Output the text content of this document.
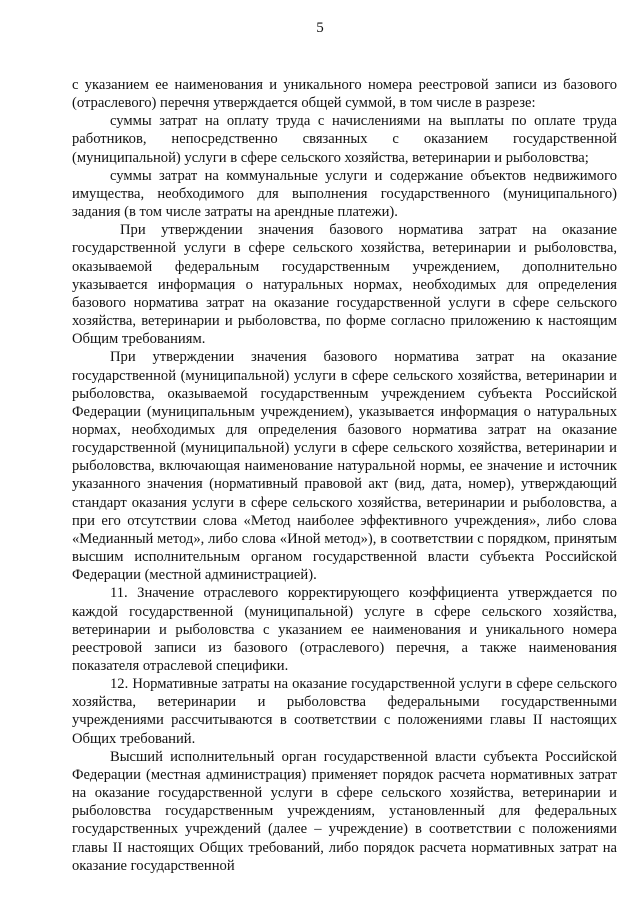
5

с указанием ее наименования и уникального номера реестровой записи из базового (отраслевого) перечня утверждается общей суммой, в том числе в разрезе:

суммы затрат на оплату труда с начислениями на выплаты по оплате труда работников, непосредственно связанных с оказанием государственной (муниципальной) услуги в сфере сельского хозяйства, ветеринарии и рыболовства;

суммы затрат на коммунальные услуги и содержание объектов недвижимого имущества, необходимого для выполнения государственного (муниципального) задания (в том числе затраты на арендные платежи).

При утверждении значения базового норматива затрат на оказание государственной услуги в сфере сельского хозяйства, ветеринарии и рыболовства, оказываемой федеральным государственным учреждением, дополнительно указывается информация о натуральных нормах, необходимых для определения базового норматива затрат на оказание государственной услуги в сфере сельского хозяйства, ветеринарии и рыболовства, по форме согласно приложению к настоящим Общим требованиям.

При утверждении значения базового норматива затрат на оказание государственной (муниципальной) услуги в сфере сельского хозяйства, ветеринарии и рыболовства, оказываемой государственным учреждением субъекта Российской Федерации (муниципальным учреждением), указывается информация о натуральных нормах, необходимых для определения базового норматива затрат на оказание государственной (муниципальной) услуги в сфере сельского хозяйства, ветеринарии и рыболовства, включающая наименование натуральной нормы, ее значение и источник указанного значения (нормативный правовой акт (вид, дата, номер), утверждающий стандарт оказания услуги в сфере сельского хозяйства, ветеринарии и рыболовства, а при его отсутствии слова «Метод наиболее эффективного учреждения», либо слова «Медианный метод», либо слова «Иной метод»), в соответствии с порядком, принятым высшим исполнительным органом государственной власти субъекта Российской Федерации (местной администрацией).

11. Значение отраслевого корректирующего коэффициента утверждается по каждой государственной (муниципальной) услуге в сфере сельского хозяйства, ветеринарии и рыболовства с указанием ее наименования и уникального номера реестровой записи из базового (отраслевого) перечня, а также наименования показателя отраслевой специфики.

12. Нормативные затраты на оказание государственной услуги в сфере сельского хозяйства, ветеринарии и рыболовства федеральными государственными учреждениями рассчитываются в соответствии с положениями главы II настоящих Общих требований.

Высший исполнительный орган государственной власти субъекта Российской Федерации (местная администрация) применяет порядок расчета нормативных затрат на оказание государственной услуги в сфере сельского хозяйства, ветеринарии и рыболовства государственным учреждениям, установленный для федеральных государственных учреждений (далее – учреждение) в соответствии с положениями главы II настоящих Общих требований, либо порядок расчета нормативных затрат на оказание государственной
